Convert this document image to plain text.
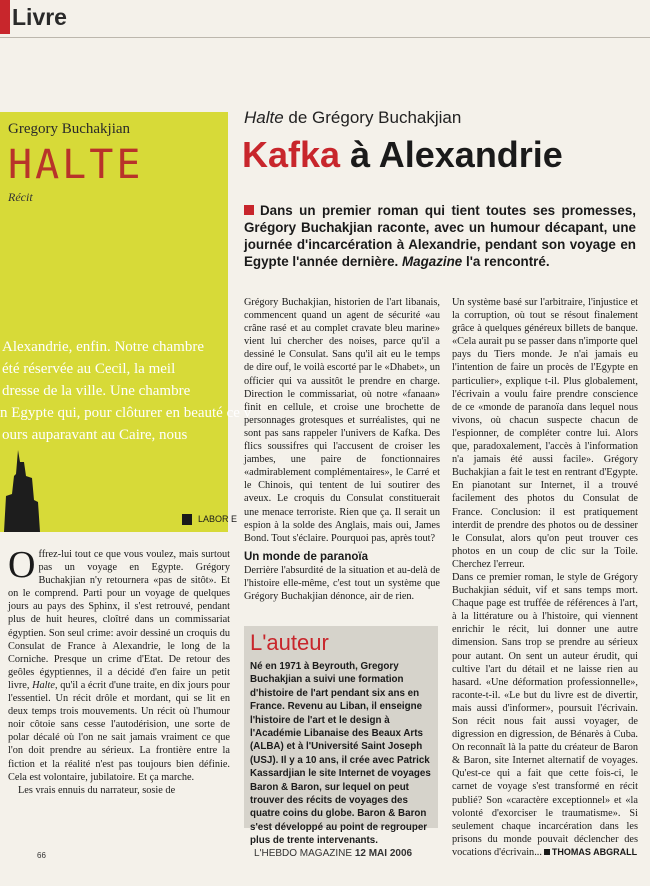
Livre
Gregory Buchakjian
HALTE
Récit
Alexandrie, enfin. Notre chambre
été réservée au Cecil, la meil
dresse de la ville. Une chambre
n Egypte qui, pour clôturer en beauté ce v
ours auparavant au Caire, nous
LABOR E
Halte de Grégory Buchakjian
Kafka à Alexandrie
Dans un premier roman qui tient toutes ses promesses, Grégory Buchakjian raconte, avec un humour décapant, une journée d'incarcération à Alexandrie, pendant son voyage en Egypte l'année dernière. Magazine l'a rencontré.

Offrez-lui tout ce que vous voulez, mais surtout pas un voyage en Egypte. Grégory Buchakjian n'y retournera «pas de sitôt». Et on le comprend. Parti pour un voyage de quelques jours au pays des Sphinx, il s'est retrouvé, pendant plus de huit heures, cloîtré dans un commissariat égyptien. Son seul crime: avoir dessiné un croquis du Consulat de France à Alexandrie, le long de la Corniche. Presque un crime d'Etat. De retour des geôles égyptiennes, il a décidé d'en faire un petit livre, Halte, qu'il a écrit d'une traite, en dix jours pour l'essentiel. Un récit drôle et mordant, qui se lit en deux temps trois mouvements. Un récit où l'humour noir côtoie sans cesse l'autodérision, une sorte de polar décalé où l'on ne sait jamais vraiment ce que l'on doit prendre au sérieux. La frontière entre la fiction et la réalité n'est pas toujours bien définie. Cela est volontaire, jubilatoire. Et ça marche.

Les vrais ennuis du narrateur, sosie de

Grégory Buchakjian, historien de l'art libanais, commencent quand un agent de sécurité «au crâne rasé et au complet cravate bleu marine» vient lui chercher des noises, parce qu'il a dessiné le Consulat. Sans qu'il ait eu le temps de dire ouf, le voilà escorté par le «Dhabet», un officier qui va aussitôt le prendre en charge. Direction le commissariat, où notre «fanaan» finit en cellule, et croise une brochette de personnages grotesques et surréalistes, qui ne sont pas sans rappeler l'univers de Kafka. Des flics soussifres qui l'accusent de croiser les jambes, une paire de fonctionnaires «admirablement complémentaires», le Carré et le Chinois, qui tentent de lui soutirer des aveux. Le croquis du Consulat constituerait une menace terroriste. Rien que ça. Il serait un espion à la solde des Anglais, mais oui, James Bond. Tout s'éclaire. Pourquoi pas, après tout?

Un monde de paranoïa

Derrière l'absurdité de la situation et au-delà de l'histoire elle-même, c'est tout un système que Grégory Buchakjian dénonce, air de rien.

L'auteur
Né en 1971 à Beyrouth, Gregory Buchakjian a suivi une formation d'histoire de l'art pendant six ans en France. Revenu au Liban, il enseigne l'histoire de l'art et le design à l'Académie Libanaise des Beaux Arts (ALBA) et à l'Université Saint Joseph (USJ). Il y a 10 ans, il crée avec Patrick Kassardjian le site Internet de voyages Baron & Baron, sur lequel on peut trouver des récits de voyages des quatre coins du globe. Baron & Baron s'est développé au point de regrouper plus de trente intervenants.

Un système basé sur l'arbitraire, l'injustice et la corruption, où tout se résout finalement grâce à quelques généreux billets de banque. «Cela aurait pu se passer dans n'importe quel pays du Tiers monde. Je n'ai jamais eu l'intention de faire un procès de l'Egypte en particulier», explique t-il. Plus globalement, l'écrivain a voulu faire prendre conscience de ce «monde de paranoïa dans lequel nous vivons, où chacun suspecte chacun de l'espionner, de compléter contre lui. Alors que, paradoxalement, l'accès à l'information n'a jamais été aussi facile». Grégory Buchakjian a fait le test en rentrant d'Egypte. En pianotant sur Internet, il a trouvé facilement des photos du Consulat de France. Conclusion: il est pratiquement interdit de prendre des photos ou de dessiner le Consulat, alors qu'on peut trouver ces photos en un coup de clic sur la Toile. Cherchez l'erreur.

Dans ce premier roman, le style de Grégory Buchakjian séduit, vif et sans temps mort. Chaque page est truffée de références à l'art, à la littérature ou à l'histoire, qui viennent enrichir le récit, lui donner une autre dimension. Sans trop se prendre au sérieux pour autant. On sent un auteur érudit, qui cultive l'art du détail et ne laisse rien au hasard. «Une déformation professionnelle», raconte-t-il. «Le but du livre est de divertir, mais aussi d'informer», poursuit l'écrivain. Son récit nous fait aussi voyager, de digression en digression, de Bénarès à Cuba. On reconnaît là la patte du créateur de Baron & Baron, site Internet alternatif de voyages. Qu'est-ce qui a fait que cette fois-ci, le carnet de voyage s'est transformé en récit publié? Son «caractère exceptionnel» et «la volonté d'exorciser le traumatisme». Si seulement chaque incarcération dans les prisons du monde pouvait déclencher des vocations d'écrivain... THOMAS ABGRALL

66	L'HEBDO MAGAZINE 12 MAI 2006
